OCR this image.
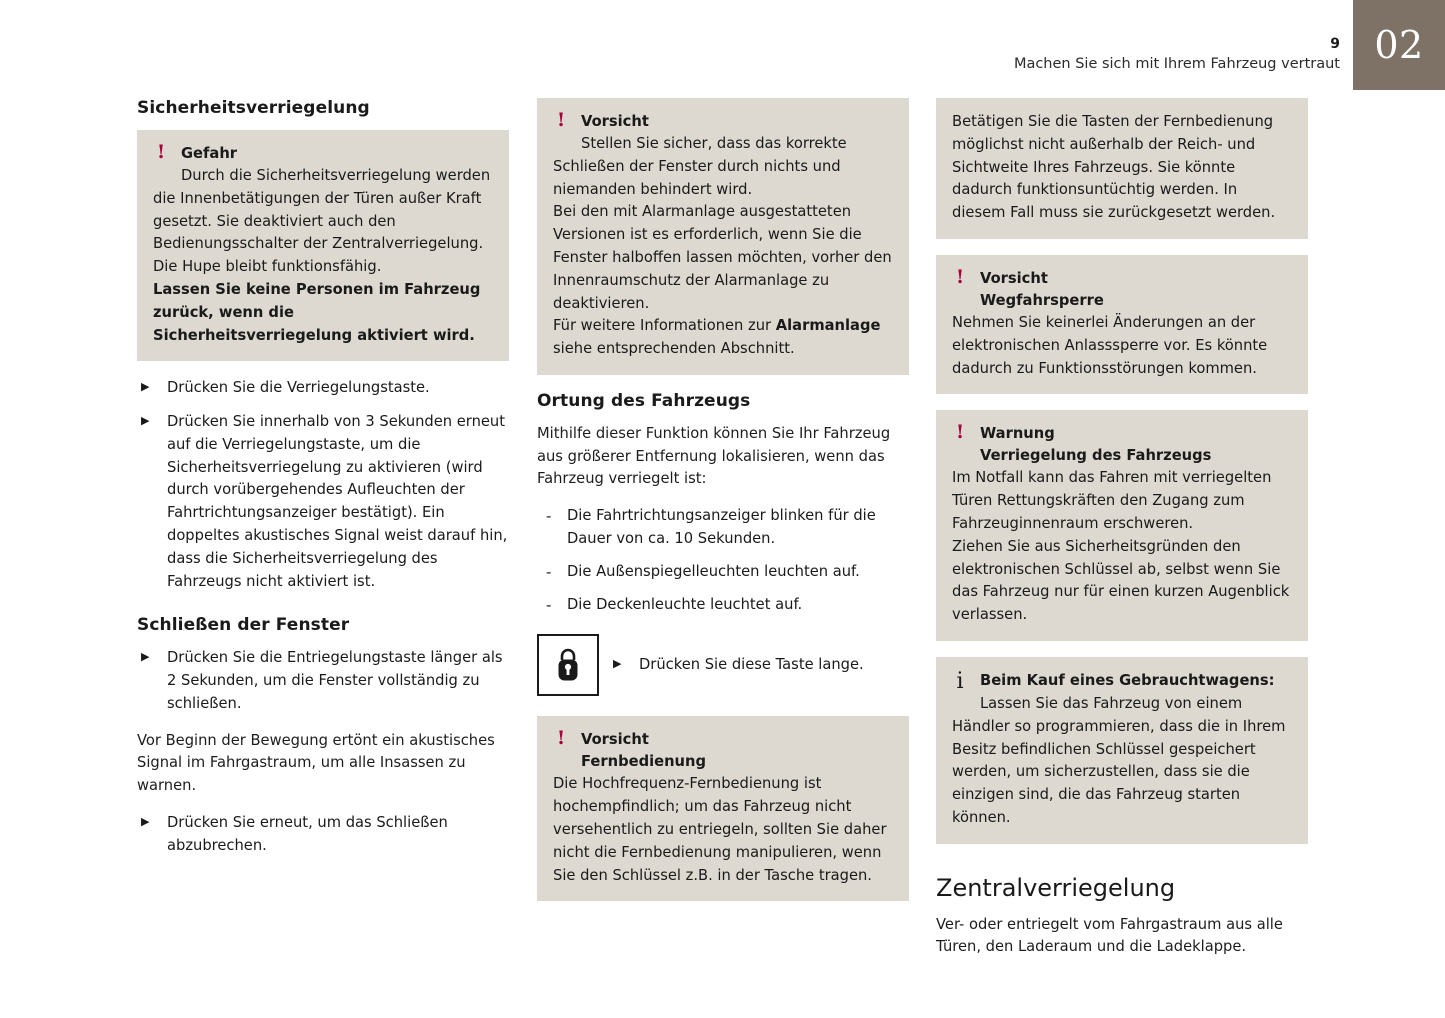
02
9
Machen Sie sich mit Ihrem Fahrzeug vertraut
Sicherheitsverriegelung
! Gefahr

Durch die Sicherheitsverriegelung werden die Innenbetätigungen der Türen außer Kraft gesetzt. Sie deaktiviert auch den Bedienungsschalter der Zentralverriegelung.

Die Hupe bleibt funktionsfähig.

Lassen Sie keine Personen im Fahrzeug zurück, wenn die Sicherheitsverriegelung aktiviert wird.

▶ Drücken Sie die Verriegelungstaste.
▶ Drücken Sie innerhalb von 3 Sekunden erneut auf die Verriegelungstaste, um die Sicherheitsverriegelung zu aktivieren (wird durch vorübergehendes Aufleuchten der Fahrtrichtungsanzeiger bestätigt). Ein doppeltes akustisches Signal weist darauf hin, dass die Sicherheitsverriegelung des Fahrzeugs nicht aktiviert ist.
Schließen der Fenster
▶ Drücken Sie die Entriegelungstaste länger als 2 Sekunden, um die Fenster vollständig zu schließen.

Vor Beginn der Bewegung ertönt ein akustisches Signal im Fahrgastraum, um alle Insassen zu warnen.

▶ Drücken Sie erneut, um das Schließen abzubrechen.
! Vorsicht

Stellen Sie sicher, dass das korrekte Schließen der Fenster durch nichts und niemanden behindert wird.

Bei den mit Alarmanlage ausgestatteten Versionen ist es erforderlich, wenn Sie die Fenster halboffen lassen möchten, vorher den Innenraumschutz der Alarmanlage zu deaktivieren.

Für weitere Informationen zur Alarmanlage siehe entsprechenden Abschnitt.

Ortung des Fahrzeugs

Mithilfe dieser Funktion können Sie Ihr Fahrzeug aus größerer Entfernung lokalisieren, wenn das Fahrzeug verriegelt ist:

- Die Fahrtrichtungsanzeiger blinken für die Dauer von ca. 10 Sekunden.
- Die Außenspiegelleuchten leuchten auf.
- Die Deckenleuchte leuchtet auf.
▶ Drücken Sie diese Taste lange.
! Vorsicht
Fernbedienung

Die Hochfrequenz-Fernbedienung ist hochempfindlich; um das Fahrzeug nicht versehentlich zu entriegeln, sollten Sie daher nicht die Fernbedienung manipulieren, wenn Sie den Schlüssel z.B. in der Tasche tragen.

Betätigen Sie die Tasten der Fernbedienung möglichst nicht außerhalb der Reich- und Sichtweite Ihres Fahrzeugs. Sie könnte dadurch funktionsuntüchtig werden. In diesem Fall muss sie zurückgesetzt werden.

! Vorsicht
Wegfahrsperre

Nehmen Sie keinerlei Änderungen an der elektronischen Anlasssperre vor. Es könnte dadurch zu Funktionsstörungen kommen.

! Warnung
Verriegelung des Fahrzeugs

Im Notfall kann das Fahren mit verriegelten Türen Rettungskräften den Zugang zum Fahrzeuginnenraum erschweren.

Ziehen Sie aus Sicherheitsgründen den elektronischen Schlüssel ab, selbst wenn Sie das Fahrzeug nur für einen kurzen Augenblick verlassen.

i	Beim Kauf eines Gebrauchtwagens:

Lassen Sie das Fahrzeug von einem Händler so programmieren, dass die in Ihrem Besitz befindlichen Schlüssel gespeichert werden, um sicherzustellen, dass sie die einzigen sind, die das Fahrzeug starten können.

Zentralverriegelung

Ver- oder entriegelt vom Fahrgastraum aus alle Türen, den Laderaum und die Ladeklappe.
